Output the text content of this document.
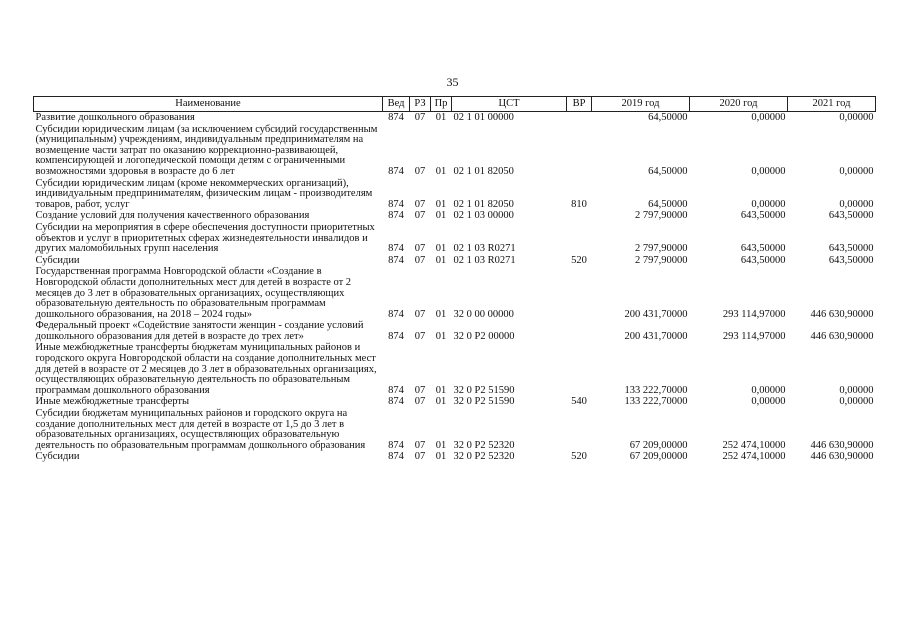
35
Наименование	Вед	РЗ	Пр	ЦСТ	ВР	2019 год	2020 год	2021 год
Развитие дошкольного образования	874	07	01	02 1 01 00000		64,50000	0,00000	0,00000
Субсидии юридическим лицам (за исключением субсидий государственным (муниципальным) учреждениям, индивидуальным предпринимателям на возмещение части затрат по оказанию коррекционно-развивающей, компенсирующей и логопедической помощи детям с ограниченными возможностями здоровья в возрасте до 6 лет	874	07	01	02 1 01 82050		64,50000	0,00000	0,00000
Субсидии юридическим лицам (кроме некоммерческих организаций), индивидуальным предпринимателям, физическим лицам - производителям товаров, работ, услуг	874	07	01	02 1 01 82050	810	64,50000	0,00000	0,00000
Создание условий для получения качественного образования	874	07	01	02 1 03 00000		2 797,90000	643,50000	643,50000
Субсидии на мероприятия в сфере обеспечения доступности приоритетных объектов и услуг в приоритетных сферах жизнедеятельности инвалидов и других маломобильных групп населения	874	07	01	02 1 03 R0271		2 797,90000	643,50000	643,50000
Субсидии	874	07	01	02 1 03 R0271	520	2 797,90000	643,50000	643,50000
Государственная программа Новгородской области «Создание в Новгородской области дополнительных мест для детей в возрасте от 2 месяцев до 3 лет в образовательных организациях, осуществляющих образовательную деятельность по образовательным программам дошкольного образования, на 2018 – 2024 годы»	874	07	01	32 0 00 00000		200 431,70000	293 114,97000	446 630,90000
Федеральный проект «Содействие занятости женщин - создание условий дошкольного образования для детей в возрасте до трех лет»	874	07	01	32 0 P2 00000		200 431,70000	293 114,97000	446 630,90000
Иные межбюджетные трансферты бюджетам муниципальных районов и городского округа Новгородской области на создание дополнительных мест для детей в возрасте от 2 месяцев до 3 лет в образовательных организациях, осуществляющих образовательную деятельность по образовательным программам дошкольного образования	874	07	01	32 0 P2 51590		133 222,70000	0,00000	0,00000
Иные межбюджетные трансферты	874	07	01	32 0 P2 51590	540	133 222,70000	0,00000	0,00000
Субсидии бюджетам муниципальных районов и городского округа на создание дополнительных мест для детей в возрасте от 1,5 до 3 лет в образовательных организациях, осуществляющих образовательную деятельность по образовательным программам дошкольного образования	874	07	01	32 0 P2 52320		67 209,00000	252 474,10000	446 630,90000
Субсидии	874	07	01	32 0 P2 52320	520	67 209,00000	252 474,10000	446 630,90000
